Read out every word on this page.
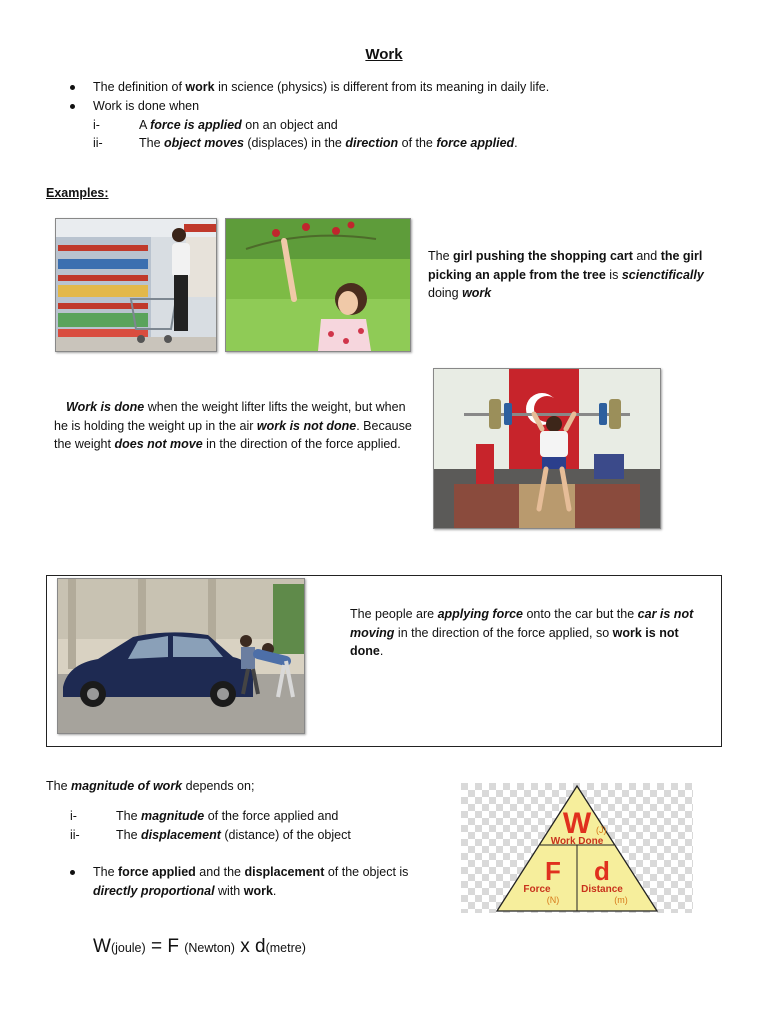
Work
The definition of work in science (physics) is different from its meaning in daily life.
Work is done when
i-	A force is applied on an object and
ii-	The object moves (displaces) in the direction of the force applied.
Examples:
The girl pushing the shopping cart and the girl picking an apple from the tree is scienctifically doing work
Work is done when the weight lifter lifts the weight, but when he is holding the weight up in the air work is not done. Because the weight does not move in the direction of the force applied.
The people are applying force onto the car but the car is not moving in the direction of the force applied, so work is not done.
The magnitude of work depends on;
i-	The magnitude of the force applied and
ii-	The displacement (distance) of the object
The force applied and the displacement of the object is directly proportional with work.
W(joule) = F (Newton) x d(metre)
W (J)
Work Done
F
Force
(N)
d
Distance
(m)
